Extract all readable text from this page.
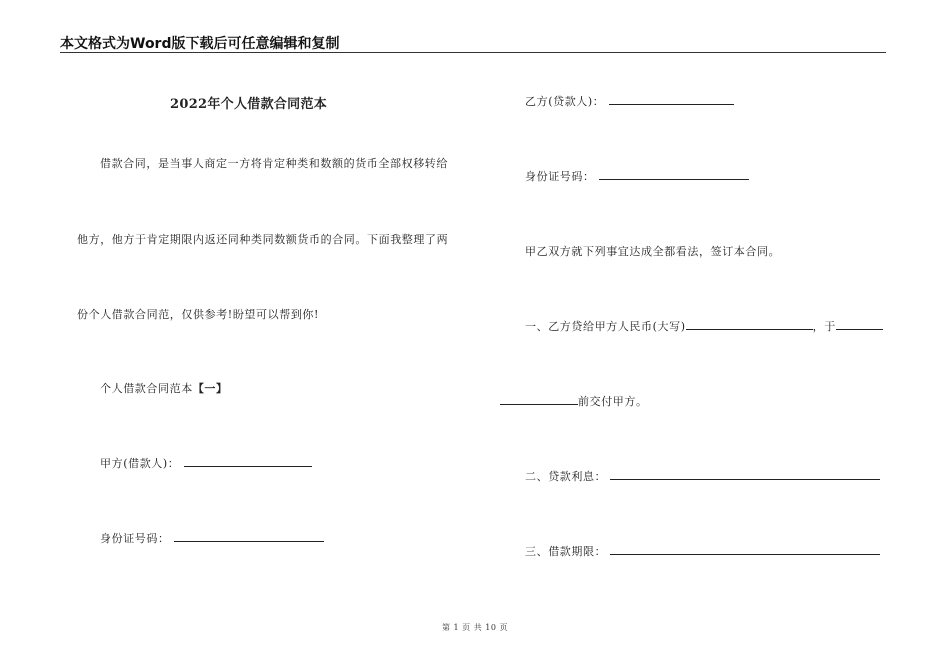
本文格式为Word版下载后可任意编辑和复制
2022年个人借款合同范本
借款合同，是当事人商定一方将肯定种类和数额的货币全部权移转给
他方，他方于肯定期限内返还同种类同数额货币的合同。下面我整理了两
份个人借款合同范，仅供参考!盼望可以帮到你!
个人借款合同范本【一】
甲方(借款人)：
身份证号码：
乙方(贷款人)：
身份证号码：
甲乙双方就下列事宜达成全都看法，签订本合同。
一、乙方贷给甲方人民币(大写)	，于
前交付甲方。
二、贷款利息：
三、借款期限：
第 1 页 共 10 页
